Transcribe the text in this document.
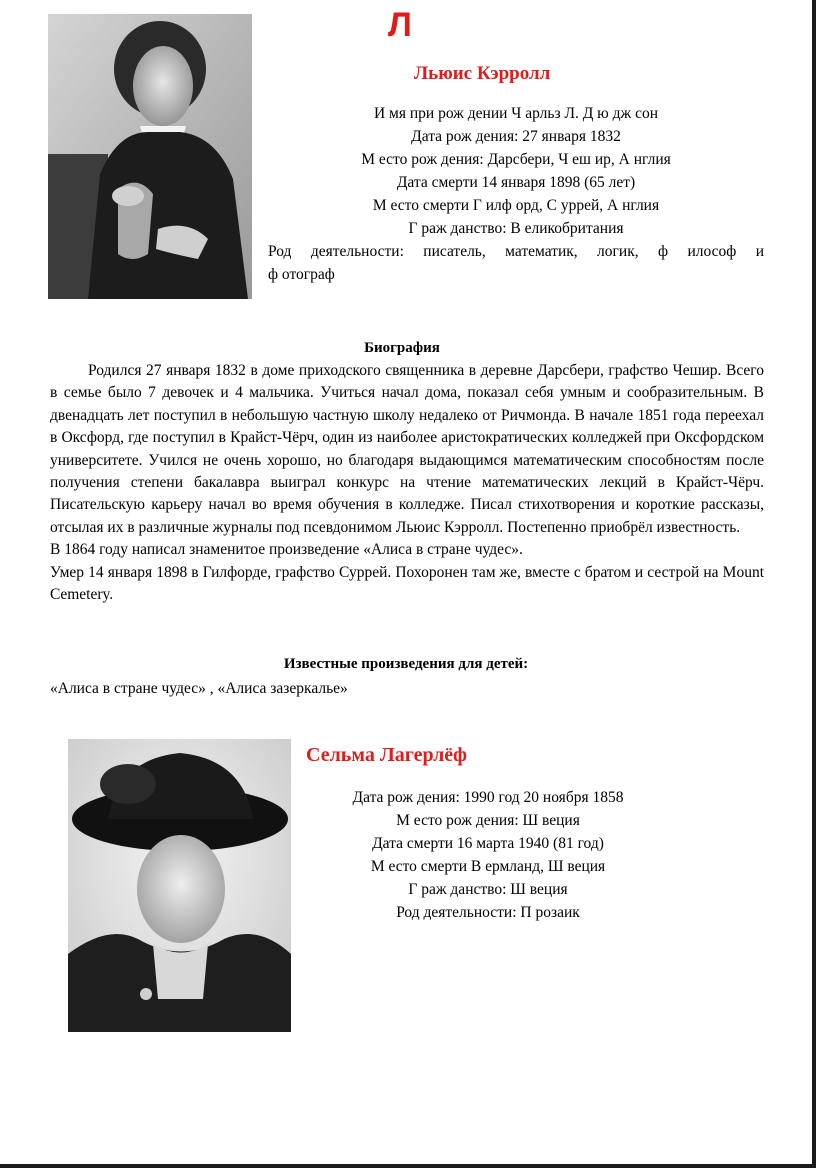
Л
Льюис Кэрролл
И мя при рож дении Ч арльз Л. Д ю дж сон
Дата рож дения: 27 января 1832
М есто рож дения: Дарсбери, Ч еш ир, А нглия
Дата смерти 14 января 1898 (65 лет)
М есто смерти Г илф орд, С уррей, А нглия
Г раж данство: В еликобритания
Род деятельности: писатель, математик, логик, ф илософ и
ф отограф
Биография

Родился 27 января 1832 в доме приходского священника в деревне Дарсбери, графство Чешир. Всего в семье было 7 девочек и 4 мальчика. Учиться начал дома, показал себя умным и сообразительным. В двенадцать лет поступил в небольшую частную школу недалеко от Ричмонда. В начале 1851 года переехал в Оксфорд, где поступил в Крайст-Чёрч, один из наиболее аристократических колледжей при Оксфордском университете. Учился не очень хорошо, но благодаря выдающимся математическим способностям после получения степени бакалавра выиграл конкурс на чтение математических лекций в Крайст-Чёрч. Писательскую карьеру начал во время обучения в колледже. Писал стихотворения и короткие рассказы, отсылая их в различные журналы под псевдонимом Льюис Кэрролл. Постепенно приобрёл известность.

В 1864 году написал знаменитое произведение «Алиса в стране чудес».

Умер 14 января 1898 в Гилфорде, графство Суррей. Похоронен там же, вместе с братом и сестрой на Mount Cemetery.

Известные произведения для детей:
«Алиса в стране чудес» , «Алиса зазеркалье»
Сельма Лагерлёф
Дата рож дения: 1990 год 20 ноября 1858
М есто рож дения: Ш веция
Дата смерти 16 марта 1940 (81 год)
М есто смерти В ермланд, Ш веция
Г раж данство: Ш веция
Род деятельности: П розаик
